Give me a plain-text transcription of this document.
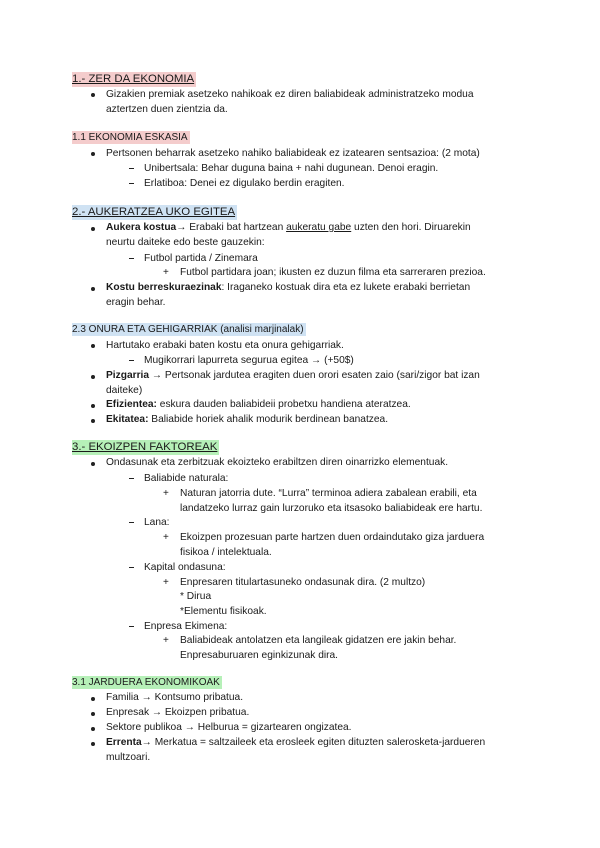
1.- ZER DA EKONOMIA
Gizakien premiak asetzeko nahikoak ez diren baliabideak administratzeko modua
aztertzen duen zientzia da.
1.1 EKONOMIA ESKASIA
Pertsonen beharrak asetzeko nahiko baliabideak ez izatearen sentsazioa: (2 mota)
Unibertsala: Behar duguna baina + nahi dugunean. Denoi eragin.
Erlatiboa: Denei ez digulako berdin eragiten.
2.- AUKERATZEA UKO EGITEA
Aukera kostua→ Erabaki bat hartzean aukeratu gabe uzten den hori. Diruarekin
neurtu daiteke edo beste gauzekin:
Futbol partida / Zinemara
+ Futbol partidara joan; ikusten ez duzun filma eta sarreraren prezioa.
Kostu berreskuraezinak: Iraganeko kostuak dira eta ez lukete erabaki berrietan
eragin behar.
2.3 ONURA ETA GEHIGARRIAK (analisi marjinalak)
Hartutako erabaki baten kostu eta onura gehigarriak.
Mugikorrari lapurreta segurua egitea → (+50$)
Pizgarria → Pertsonak jardutea eragiten duen orori esaten zaio (sari/zigor bat izan
daiteke)
Efizientea: eskura dauden baliabideii probetxu handiena ateratzea.
Ekitatea: Baliabide horiek ahalik modurik berdinean banatzea.
3.- EKOIZPEN FAKTOREAK
Ondasunak eta zerbitzuak ekoizteko erabiltzen diren oinarrizko elementuak.
Baliabide naturala:
+ Naturan jatorria dute. “Lurra” terminoa adiera zabalean erabili, eta
landatzeko lurraz gain lurzoruko eta itsasoko baliabideak ere hartu.
Lana:
+ Ekoizpen prozesuan parte hartzen duen ordaindutako giza jarduera
fisikoa / intelektuala.
Kapital ondasuna:
+ Enpresaren titulartasuneko ondasunak dira. (2 multzo)
* Dirua
*Elementu fisikoak.
Enpresa Ekimena:
+ Baliabideak antolatzen eta langileak gidatzen ere jakin behar.
Enpresaburuaren eginkizunak dira.
3.1 JARDUERA EKONOMIKOAK
Familia → Kontsumo pribatua.
Enpresak → Ekoizpen pribatua.
Sektore publikoa → Helburua = gizartearen ongizatea.
Errenta→ Merkatua = saltzaileek eta erosleek egiten dituzten salerosketa-jardueren
multzoari.
